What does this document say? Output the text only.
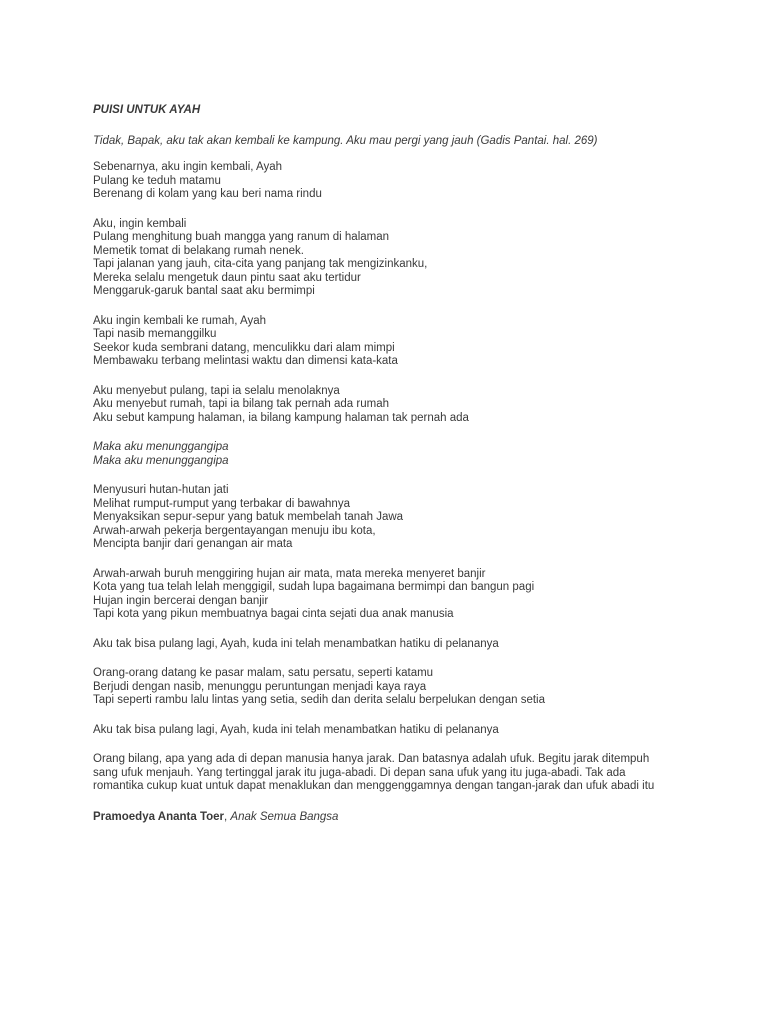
PUISI UNTUK AYAH

Tidak, Bapak, aku tak akan kembali ke kampung. Aku mau pergi yang jauh (Gadis Pantai. hal. 269)

Sebenarnya, aku ingin kembali, Ayah
Pulang ke teduh matamu
Berenang di kolam yang kau beri nama rindu
Aku, ingin kembali
Pulang menghitung buah mangga yang ranum di halaman
Memetik tomat di belakang rumah nenek.
Tapi jalanan yang jauh, cita-cita yang panjang tak mengizinkanku,
Mereka selalu mengetuk daun pintu saat aku tertidur
Menggaruk-garuk bantal saat aku bermimpi
Aku ingin kembali ke rumah, Ayah
Tapi nasib memanggilku
Seekor kuda sembrani datang, menculikku dari alam mimpi
Membawaku terbang melintasi waktu dan dimensi kata-kata
Aku menyebut pulang, tapi ia selalu menolaknya
Aku menyebut rumah, tapi ia bilang tak pernah ada rumah
Aku sebut kampung halaman, ia bilang kampung halaman tak pernah ada
Maka aku menunggangipa
Maka aku menunggangipa
Menyusuri hutan-hutan jati
Melihat rumput-rumput yang terbakar di bawahnya
Menyaksikan sepur-sepur yang batuk membelah tanah Jawa
Arwah-arwah pekerja bergentayangan menuju ibu kota,
Mencipta banjir dari genangan air mata
Arwah-arwah buruh menggiring hujan air mata, mata mereka menyeret banjir
Kota yang tua telah lelah menggigil, sudah lupa bagaimana bermimpi dan bangun pagi
Hujan ingin bercerai dengan banjir
Tapi kota yang pikun membuatnya bagai cinta sejati dua anak manusia
Aku tak bisa pulang lagi, Ayah, kuda ini telah menambatkan hatiku di pelananya
Orang-orang datang ke pasar malam, satu persatu, seperti katamu
Berjudi dengan nasib, menunggu peruntungan menjadi kaya raya
Tapi seperti rambu lalu lintas yang setia, sedih dan derita selalu berpelukan dengan setia
Aku tak bisa pulang lagi, Ayah, kuda ini telah menambatkan hatiku di pelananya
Orang bilang, apa yang ada di depan manusia hanya jarak. Dan batasnya adalah ufuk. Begitu jarak ditempuh
sang ufuk menjauh. Yang tertinggal jarak itu juga-abadi. Di depan sana ufuk yang itu juga-abadi. Tak ada
romantika cukup kuat untuk dapat menaklukan dan menggenggamnya dengan tangan-jarak dan ufuk abadi itu

Pramoedya Ananta Toer, Anak Semua Bangsa
